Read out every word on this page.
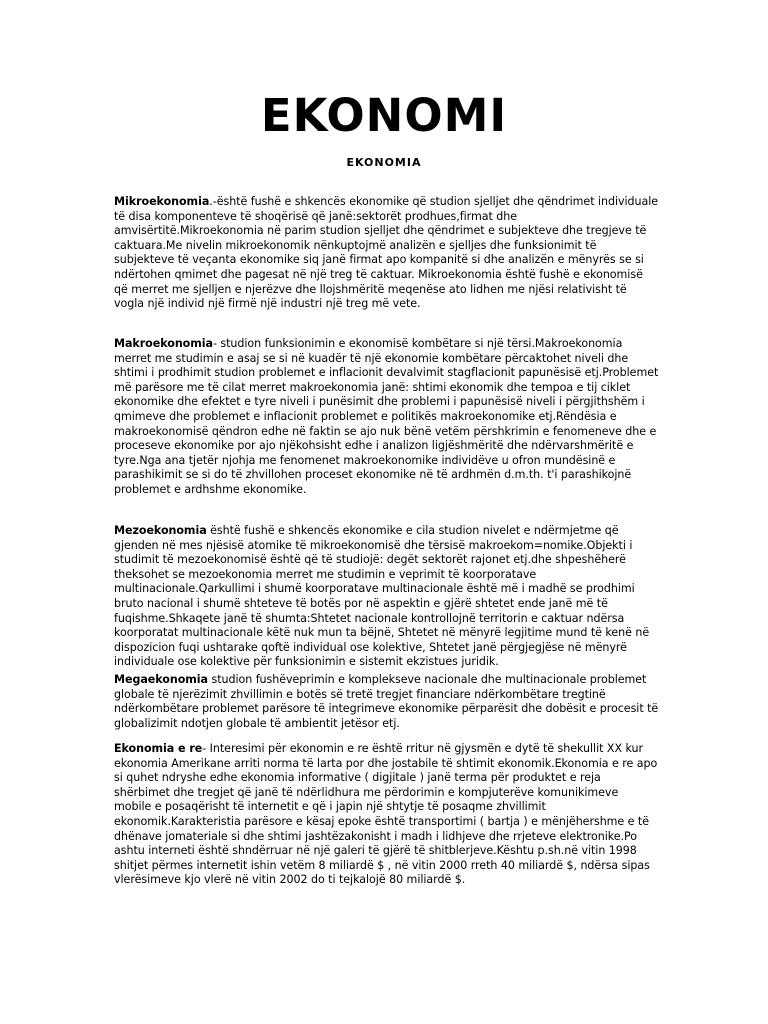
EKONOMI
EKONOMIA

Mikroekonomia.-është fushë e shkencës ekonomike që studion sjelljet dhe qëndrimet individuale të disa komponenteve të shoqërisë që janë:sektorët prodhues,firmat dhe amvisërtitë.Mikroekonomia në parim studion sjelljet dhe qëndrimet e subjekteve dhe tregjeve të caktuara.Me nivelin mikroekonomik nënkuptojmë analizën e sjelljes dhe funksionimit të subjekteve të veçanta ekonomike siq janë firmat apo kompanitë si dhe analizën e mënyrës se si ndërtohen qmimet dhe pagesat në një treg të caktuar. Mikroekonomia është fushë e ekonomisë që merret me sjelljen e njerëzve dhe llojshmëritë meqenëse ato lidhen me njësi relativisht të vogla një individ një firmë një industri një treg më vete.

Makroekonomia- studion funksionimin e ekonomisë kombëtare si një tërsi.Makroekonomia merret me studimin e asaj se si në kuadër të një ekonomie kombëtare përcaktohet niveli dhe shtimi i prodhimit studion problemet e inflacionit devalvimit stagflacionit papunësisë etj.Problemet më parësore me të cilat merret makroekonomia janë: shtimi ekonomik dhe tempoa e tij ciklet ekonomike dhe efektet e tyre niveli i punësimit dhe problemi i papunësisë niveli i përgjithshëm i qmimeve dhe problemet e inflacionit problemet e politikës makroekonomike etj.Rëndësia e makroekonomisë qëndron edhe në faktin se ajo nuk bënë vetëm përshkrimin e fenomeneve dhe e proceseve ekonomike por ajo njëkohsisht edhe i analizon ligjëshmëritë dhe ndërvarshmëritë e tyre.Nga ana tjetër njohja me fenomenet makroekonomike individëve u ofron mundësinë e parashikimit se si do të zhvillohen proceset ekonomike në të ardhmën d.m.th. t'i parashikojnë problemet e ardhshme ekonomike.

Mezoekonomia është fushë e shkencës ekonomike e cila studion nivelet e ndërmjetme që gjenden në mes njësisë atomike të mikroekonomisë dhe tërsisë makroekom=nomike.Objekti i studimit të mezoekonomisë është që të studiojë: degët sektorët rajonet etj.dhe shpeshëherë theksohet se mezoekonomia merret me studimin e veprimit të koorporatave multinacionale.Qarkullimi i shumë koorporatave multinacionale është më i madhë se prodhimi bruto nacional i shumë shteteve të botës por në aspektin e gjërë shtetet ende janë më të fuqishme.Shkaqete janë të shumta:Shtetet nacionale kontrollojnë territorin e caktuar ndërsa koorporatat multinacionale këtë nuk mun ta bëjnë, Shtetet në mënyrë legjitime mund të kenë në dispozicion fuqi ushtarake qoftë individual ose kolektive, Shtetet janë përgjegjëse në mënyrë individuale ose kolektive për funksionimin e sistemit ekzistues juridik.

Megaekonomia studion fushëveprimin e komplekseve nacionale dhe multinacionale problemet globale të njerëzimit zhvillimin e botës së tretë tregjet financiare ndërkombëtare tregtinë ndërkombëtare problemet parësore të integrimeve ekonomike përparësit dhe dobësit e procesit të globalizimit ndotjen globale të ambientit jetësor etj.

Ekonomia e re- Interesimi për ekonomin e re është rritur në gjysmën e dytë të shekullit XX kur ekonomia Amerikane arriti norma të larta por dhe jostabile të shtimit ekonomik.Ekonomia e re apo si quhet ndryshe edhe ekonomia informative ( digjitale ) janë terma për produktet e reja shërbimet dhe tregjet që janë të ndërlidhura me përdorimin e kompjuterëve komunikimeve mobile e posaqërisht të internetit e që i japin një shtytje të posaqme zhvillimit ekonomik.Karakteristia parësore e kësaj epoke është transportimi ( bartja ) e mënjëhershme e të dhënave jomateriale si dhe shtimi jashtëzakonisht i madh i lidhjeve dhe rrjeteve elektronike.Po ashtu interneti është shndërruar në një galeri të gjërë të shitblerjeve.Kështu p.sh.në vitin 1998 shitjet përmes internetit ishin vetëm 8 miliardë $ , në vitin 2000 rreth 40 miliardë $, ndërsa sipas vlerësimeve kjo vlerë në vitin 2002 do ti tejkalojë 80 miliardë $.
